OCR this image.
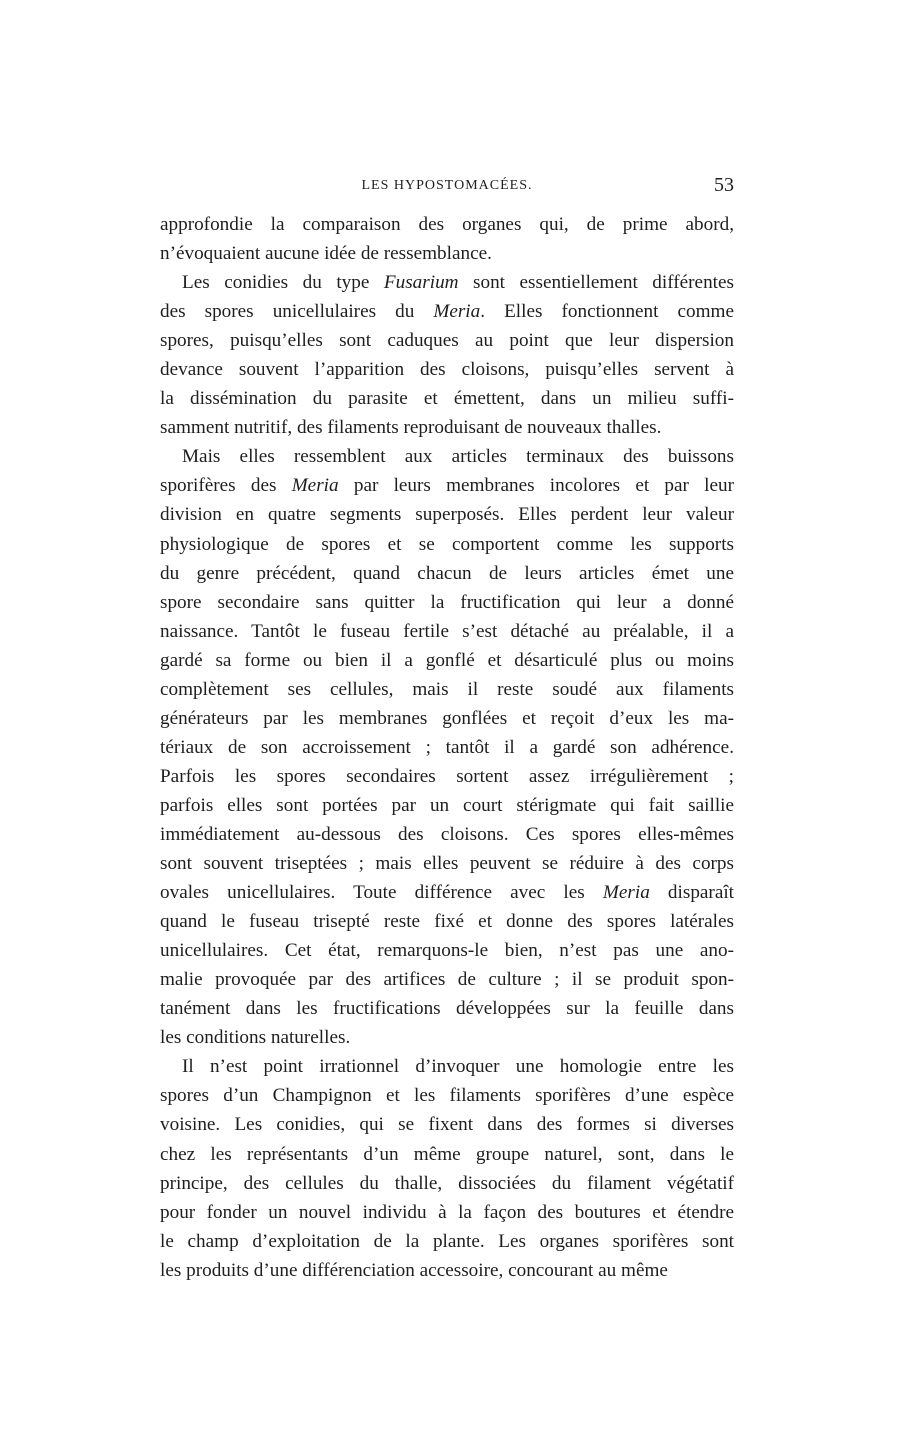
LES HYPOSTOMACÉES.	53

approfondie la comparaison des organes qui, de prime abord,
n’évoquaient aucune idée de ressemblance.

Les conidies du type Fusarium sont essentiellement différentes
des spores unicellulaires du Meria. Elles fonctionnent comme
spores, puisqu’elles sont caduques au point que leur dispersion
devance souvent l’apparition des cloisons, puisqu’elles servent à
la dissémination du parasite et émettent, dans un milieu suffi-
samment nutritif, des filaments reproduisant de nouveaux thalles.

Mais elles ressemblent aux articles terminaux des buissons
sporifères des Meria par leurs membranes incolores et par leur
division en quatre segments superposés. Elles perdent leur valeur
physiologique de spores et se comportent comme les supports
du genre précédent, quand chacun de leurs articles émet une
spore secondaire sans quitter la fructification qui leur a donné
naissance. Tantôt le fuseau fertile s’est détaché au préalable, il a
gardé sa forme ou bien il a gonflé et désarticulé plus ou moins
complètement ses cellules, mais il reste soudé aux filaments
générateurs par les membranes gonflées et reçoit d’eux les ma-
tériaux de son accroissement ; tantôt il a gardé son adhérence.
Parfois les spores secondaires sortent assez irrégulièrement ;
parfois elles sont portées par un court stérigmate qui fait saillie
immédiatement au-dessous des cloisons. Ces spores elles-mêmes
sont souvent triseptées ; mais elles peuvent se réduire à des corps
ovales unicellulaires. Toute différence avec les Meria disparaît
quand le fuseau trisepté reste fixé et donne des spores latérales
unicellulaires. Cet état, remarquons-le bien, n’est pas une ano-
malie provoquée par des artifices de culture ; il se produit spon-
tanément dans les fructifications développées sur la feuille dans
les conditions naturelles.

Il n’est point irrationnel d’invoquer une homologie entre les
spores d’un Champignon et les filaments sporifères d’une espèce
voisine. Les conidies, qui se fixent dans des formes si diverses
chez les représentants d’un même groupe naturel, sont, dans le
principe, des cellules du thalle, dissociées du filament végétatif
pour fonder un nouvel individu à la façon des boutures et étendre
le champ d’exploitation de la plante. Les organes sporifères sont
les produits d’une différenciation accessoire, concourant au même
